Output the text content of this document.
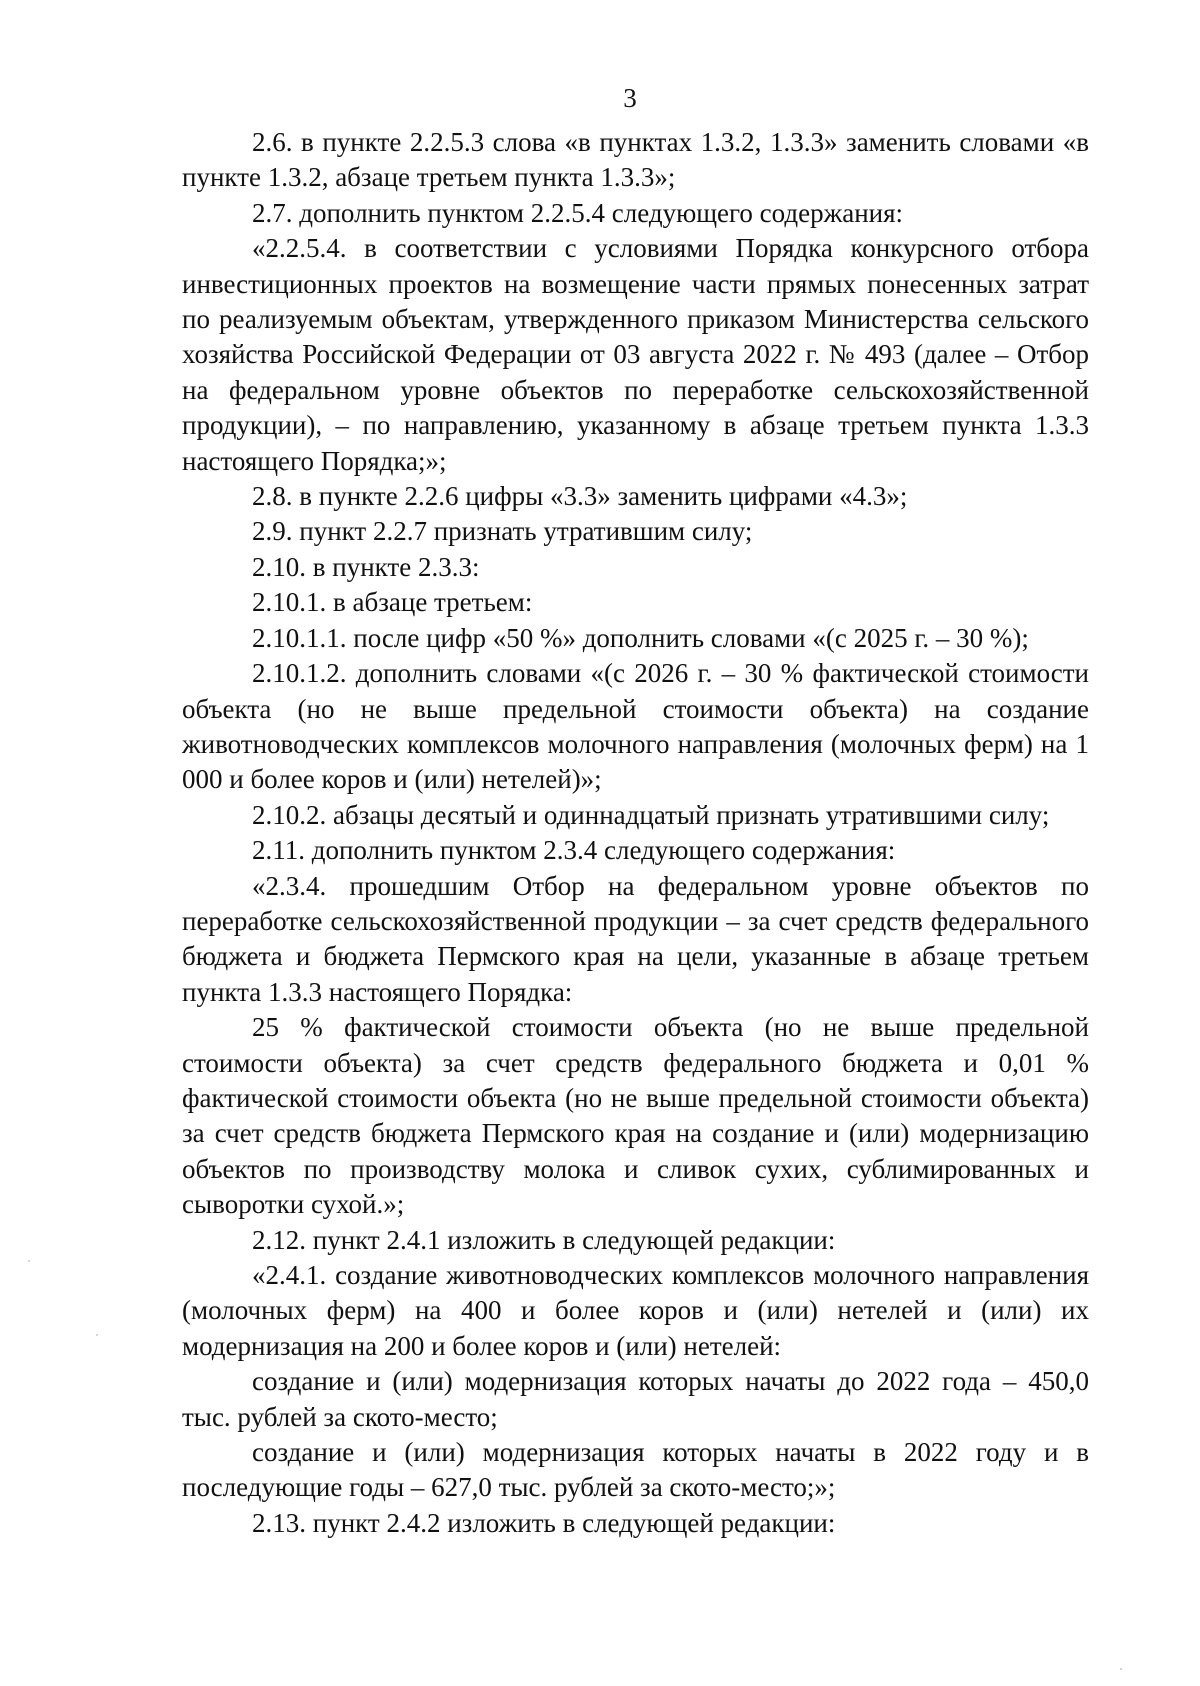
3

2.6. в пункте 2.2.5.3 слова «в пунктах 1.3.2, 1.3.3» заменить словами «в пункте 1.3.2, абзаце третьем пункта 1.3.3»;

2.7. дополнить пунктом 2.2.5.4 следующего содержания:

«2.2.5.4. в соответствии с условиями Порядка конкурсного отбора инвестиционных проектов на возмещение части прямых понесенных затрат по реализуемым объектам, утвержденного приказом Министерства сельского хозяйства Российской Федерации от 03 августа 2022 г. № 493 (далее – Отбор на федеральном уровне объектов по переработке сельскохозяйственной продукции), – по направлению, указанному в абзаце третьем пункта 1.3.3 настоящего Порядка;»;

2.8. в пункте 2.2.6 цифры «3.3» заменить цифрами «4.3»;

2.9. пункт 2.2.7 признать утратившим силу;

2.10. в пункте 2.3.3:

2.10.1. в абзаце третьем:

2.10.1.1. после цифр «50 %» дополнить словами «(с 2025 г. – 30 %);

2.10.1.2. дополнить словами «(с 2026 г. – 30 % фактической стоимости объекта (но не выше предельной стоимости объекта) на создание животноводческих комплексов молочного направления (молочных ферм) на 1 000 и более коров и (или) нетелей)»;

2.10.2. абзацы десятый и одиннадцатый признать утратившими силу;

2.11. дополнить пунктом 2.3.4 следующего содержания:

«2.3.4. прошедшим Отбор на федеральном уровне объектов по переработке сельскохозяйственной продукции – за счет средств федерального бюджета и бюджета Пермского края на цели, указанные в абзаце третьем пункта 1.3.3 настоящего Порядка:

25 % фактической стоимости объекта (но не выше предельной стоимости объекта) за счет средств федерального бюджета и 0,01 % фактической стоимости объекта (но не выше предельной стоимости объекта) за счет средств бюджета Пермского края на создание и (или) модернизацию объектов по производству молока и сливок сухих, сублимированных и сыворотки сухой.»;

2.12. пункт 2.4.1 изложить в следующей редакции:

«2.4.1. создание животноводческих комплексов молочного направления (молочных ферм) на 400 и более коров и (или) нетелей и (или) их модернизация на 200 и более коров и (или) нетелей:

создание и (или) модернизация которых начаты до 2022 года – 450,0 тыс. рублей за ското-место;

создание и (или) модернизация которых начаты в 2022 году и в последующие годы – 627,0 тыс. рублей за ското-место;»;

2.13. пункт 2.4.2 изложить в следующей редакции:
